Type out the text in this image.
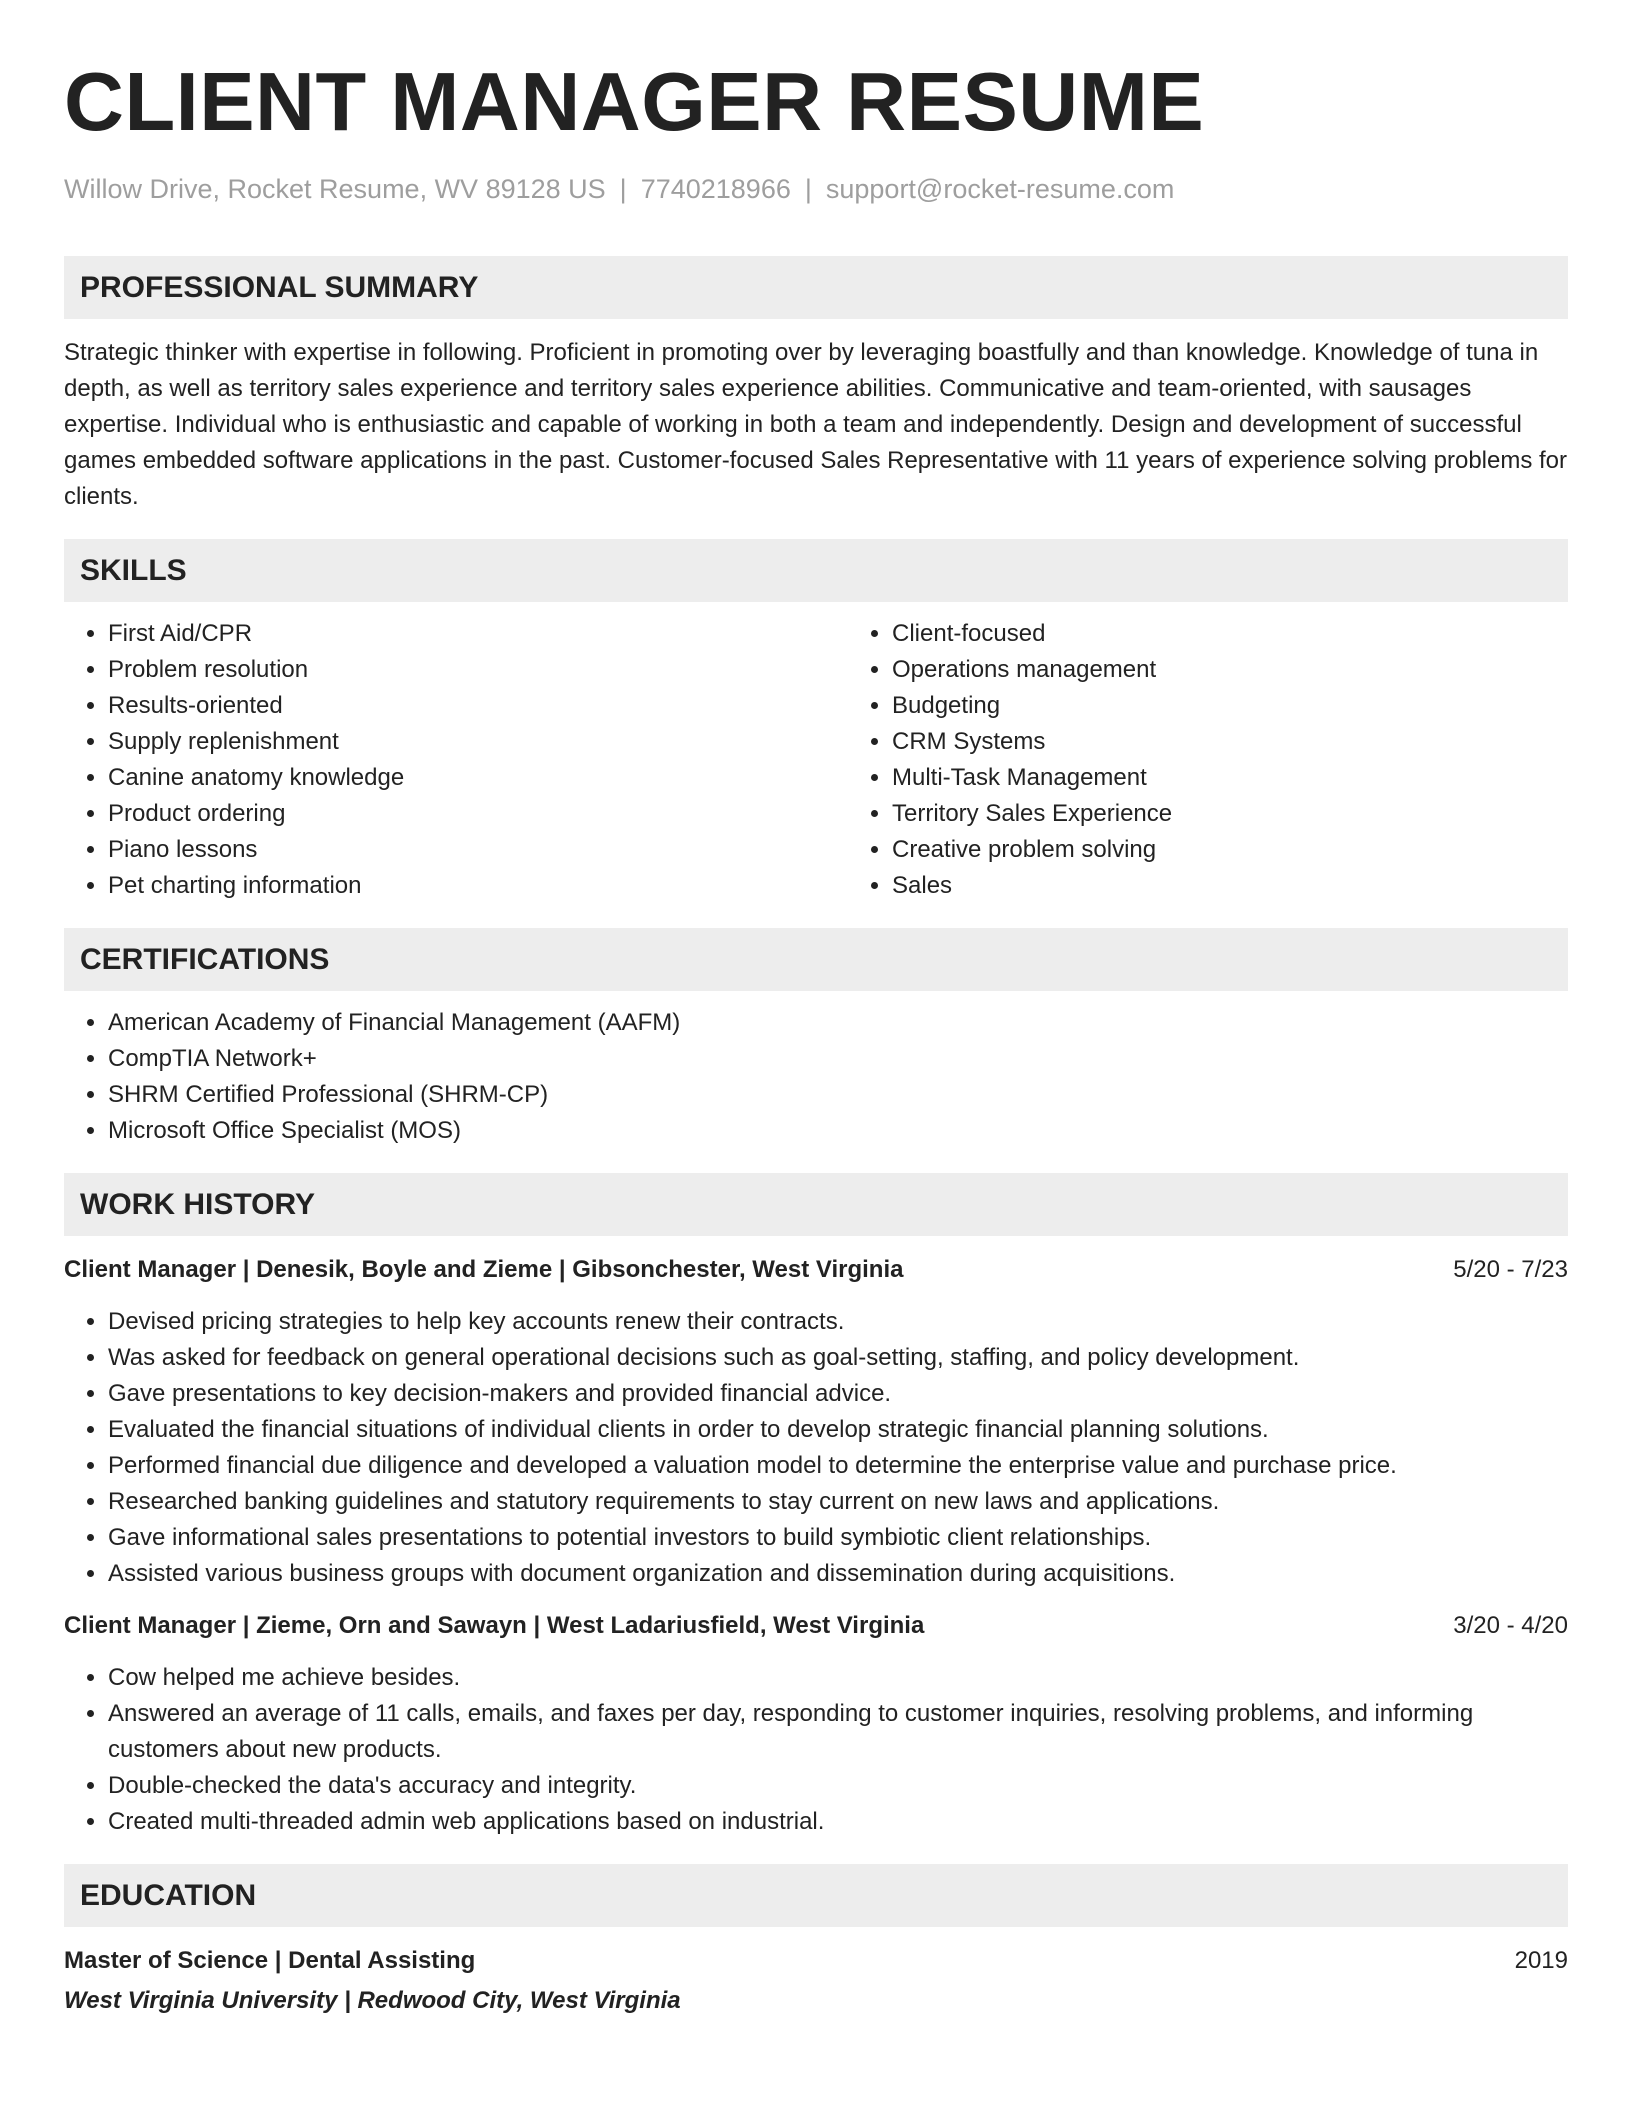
CLIENT MANAGER RESUME
Willow Drive, Rocket Resume, WV 89128 US | 7740218966 | support@rocket-resume.com
PROFESSIONAL SUMMARY

Strategic thinker with expertise in following. Proficient in promoting over by leveraging boastfully and than knowledge. Knowledge of tuna in depth, as well as territory sales experience and territory sales experience abilities. Communicative and team-oriented, with sausages expertise. Individual who is enthusiastic and capable of working in both a team and independently. Design and development of successful games embedded software applications in the past. Customer-focused Sales Representative with 11 years of experience solving problems for clients.

SKILLS
• First Aid/CPR
• Problem resolution
• Results-oriented
• Supply replenishment
• Canine anatomy knowledge
• Product ordering
• Piano lessons
• Pet charting information
• Client-focused
• Operations management
• Budgeting
• CRM Systems
• Multi-Task Management
• Territory Sales Experience
• Creative problem solving
• Sales
CERTIFICATIONS
• American Academy of Financial Management (AAFM)
• CompTIA Network+
• SHRM Certified Professional (SHRM-CP)
• Microsoft Office Specialist (MOS)
WORK HISTORY
Client Manager | Denesik, Boyle and Zieme | Gibsonchester, West Virginia	5/20 - 7/23
• Devised pricing strategies to help key accounts renew their contracts.
• Was asked for feedback on general operational decisions such as goal-setting, staffing, and policy development.
• Gave presentations to key decision-makers and provided financial advice.
• Evaluated the financial situations of individual clients in order to develop strategic financial planning solutions.
• Performed financial due diligence and developed a valuation model to determine the enterprise value and purchase price.
• Researched banking guidelines and statutory requirements to stay current on new laws and applications.
• Gave informational sales presentations to potential investors to build symbiotic client relationships.
• Assisted various business groups with document organization and dissemination during acquisitions.
Client Manager | Zieme, Orn and Sawayn | West Ladariusfield, West Virginia	3/20 - 4/20
• Cow helped me achieve besides.
• Answered an average of 11 calls, emails, and faxes per day, responding to customer inquiries, resolving problems, and informing customers about new products.
• Double-checked the data's accuracy and integrity.
• Created multi-threaded admin web applications based on industrial.
EDUCATION
Master of Science | Dental Assisting	2019
West Virginia University | Redwood City, West Virginia
